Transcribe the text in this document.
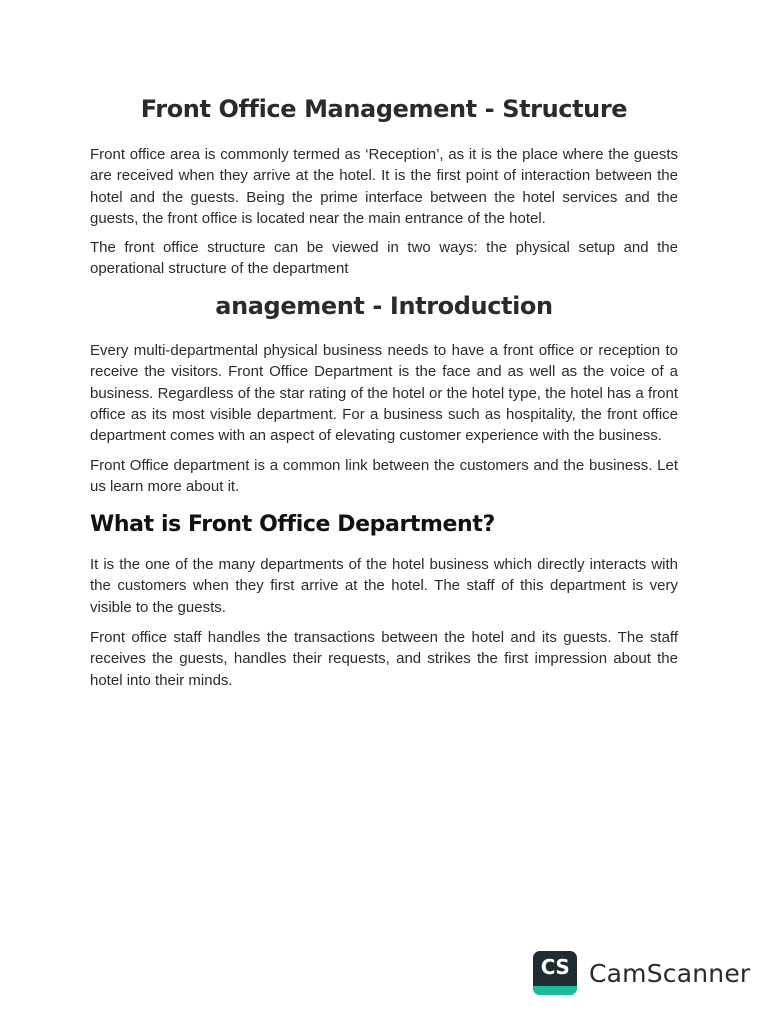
Front Office Management - Structure

Front office area is commonly termed as ‘Reception’, as it is the place where the guests are received when they arrive at the hotel. It is the first point of interaction between the hotel and the guests. Being the prime interface between the hotel services and the guests, the front office is located near the main entrance of the hotel.

The front office structure can be viewed in two ways: the physical setup and the operational structure of the department

anagement - Introduction

Every multi-departmental physical business needs to have a front office or reception to receive the visitors. Front Office Department is the face and as well as the voice of a business. Regardless of the star rating of the hotel or the hotel type, the hotel has a front office as its most visible department. For a business such as hospitality, the front office department comes with an aspect of elevating customer experience with the business.

Front Office department is a common link between the customers and the business. Let us learn more about it.

What is Front Office Department?

It is the one of the many departments of the hotel business which directly interacts with the customers when they first arrive at the hotel. The staff of this department is very visible to the guests.

Front office staff handles the transactions between the hotel and its guests. The staff receives the guests, handles their requests, and strikes the first impression about the hotel into their minds.

CS CamScanner
